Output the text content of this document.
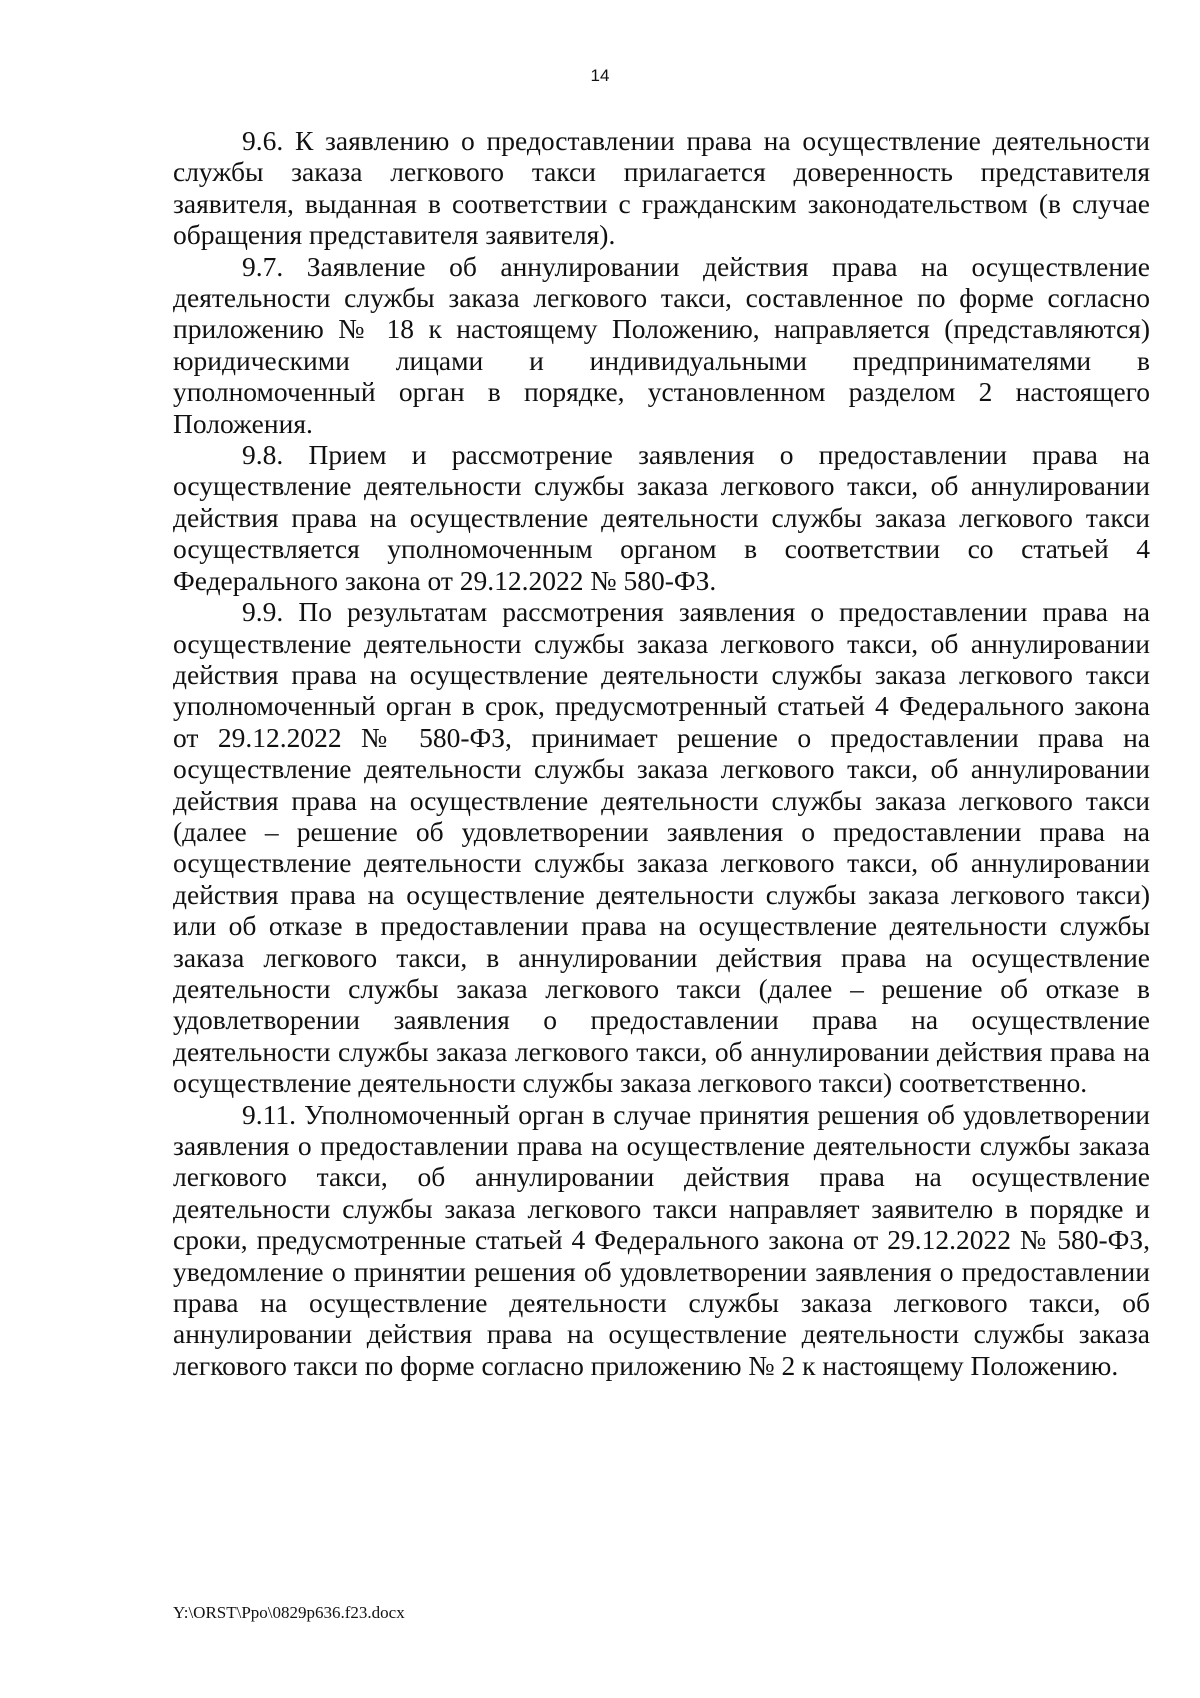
14

9.6. К заявлению о предоставлении права на осуществление деятельности службы заказа легкового такси прилагается доверенность представителя заявителя, выданная в соответствии с гражданским законодательством (в случае обращения представителя заявителя).

9.7. Заявление об аннулировании действия права на осуществление деятельности службы заказа легкового такси, составленное по форме согласно приложению № 18 к настоящему Положению, направляется (представляются) юридическими лицами и индивидуальными предпринимателями в уполномоченный орган в порядке, установленном разделом 2 настоящего Положения.

9.8. Прием и рассмотрение заявления о предоставлении права на осуществление деятельности службы заказа легкового такси, об аннулировании действия права на осуществление деятельности службы заказа легкового такси осуществляется уполномоченным органом в соответствии со статьей 4 Федерального закона от 29.12.2022 № 580-ФЗ.

9.9. По результатам рассмотрения заявления о предоставлении права на осуществление деятельности службы заказа легкового такси, об аннулировании действия права на осуществление деятельности службы заказа легкового такси уполномоченный орган в срок, предусмотренный статьей 4 Федерального закона от 29.12.2022 № 580-ФЗ, принимает решение о предоставлении права на осуществление деятельности службы заказа легкового такси, об аннулировании действия права на осуществление деятельности службы заказа легкового такси (далее – решение об удовлетворении заявления о предоставлении права на осуществление деятельности службы заказа легкового такси, об аннулировании действия права на осуществление деятельности службы заказа легкового такси) или об отказе в предоставлении права на осуществление деятельности службы заказа легкового такси, в аннулировании действия права на осуществление деятельности службы заказа легкового такси (далее – решение об отказе в удовлетворении заявления о предоставлении права на осуществление деятельности службы заказа легкового такси, об аннулировании действия права на осуществление деятельности службы заказа легкового такси) соответственно.

9.11. Уполномоченный орган в случае принятия решения об удовлетворении заявления о предоставлении права на осуществление деятельности службы заказа легкового такси, об аннулировании действия права на осуществление деятельности службы заказа легкового такси направляет заявителю в порядке и сроки, предусмотренные статьей 4 Федерального закона от 29.12.2022 № 580-ФЗ, уведомление о принятии решения об удовлетворении заявления о предоставлении права на осуществление деятельности службы заказа легкового такси, об аннулировании действия права на осуществление деятельности службы заказа легкового такси по форме согласно приложению № 2 к настоящему Положению.

Y:\ORST\Ppo\0829p636.f23.docx
